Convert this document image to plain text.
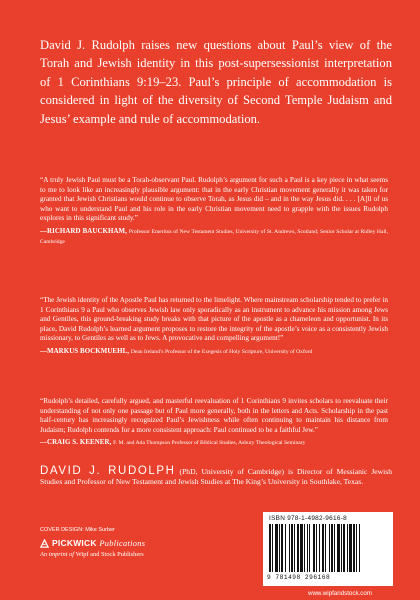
David J. Rudolph raises new questions about Paul’s view of the Torah and Jewish identity in this post-supersessionist interpretation of 1 Corinthians 9:19–23. Paul’s principle of accommodation is considered in light of the diversity of Second Temple Judaism and Jesus’ example and rule of accommodation.
“A truly Jewish Paul must be a Torah-observant Paul. Rudolph’s argument for such a Paul is a key piece in what seems to me to look like an increasingly plausible argument: that in the early Christian movement generally it was taken for granted that Jewish Christians would continue to observe Torah, as Jesus did – and in the way Jesus did. . . . [A]ll of us who want to understand Paul and his role in the early Christian movement need to grapple with the issues Rudolph explores in this significant study.”
—RICHARD BAUCKHAM, Professor Emeritus of New Testament Studies, University of St. Andrews, Scotland; Senior Scholar at Ridley Hall, Cambridge
“The Jewish identity of the Apostle Paul has returned to the limelight. Where mainstream scholarship tended to prefer in 1 Corinthians 9 a Paul who observes Jewish law only sporadically as an instrument to advance his mission among Jews and Gentiles, this ground-breaking study breaks with that picture of the apostle as a chameleon and opportunist. In its place, David Rudolph’s learned argument proposes to restore the integrity of the apostle’s voice as a consistently Jewish missionary, to Gentiles as well as to Jews. A provocative and compelling argument!”
—MARKUS BOCKMUEHL, Dean Ireland’s Professor of the Exegesis of Holy Scripture, University of Oxford
“Rudolph’s detailed, carefully argued, and masterful reevaluation of 1 Corinthians 9 invites scholars to reevaluate their understanding of not only one passage but of Paul more generally, both in the letters and Acts. Scholarship in the past half-century has increasingly recognized Paul’s Jewishness while often continuing to maintain his distance from Judaism; Rudolph contends for a more consistent approach: Paul continued to be a faithful Jew.”
—CRAIG S. KEENER, F. M. and Ada Thompson Professor of Biblical Studies, Asbury Theological Seminary
DAVID J. RUDOLPH (PhD, University of Cambridge) is Director of Messianic Jewish Studies and Professor of New Testament and Jewish Studies at The King’s University in Southlake, Texas.
COVER DESIGN: Mike Surber
PICKWICK Publications
An imprint of Wipf and Stock Publishers
ISBN 978-1-4982-9616-8
9 781498 296168
www.wipfandstock.com
